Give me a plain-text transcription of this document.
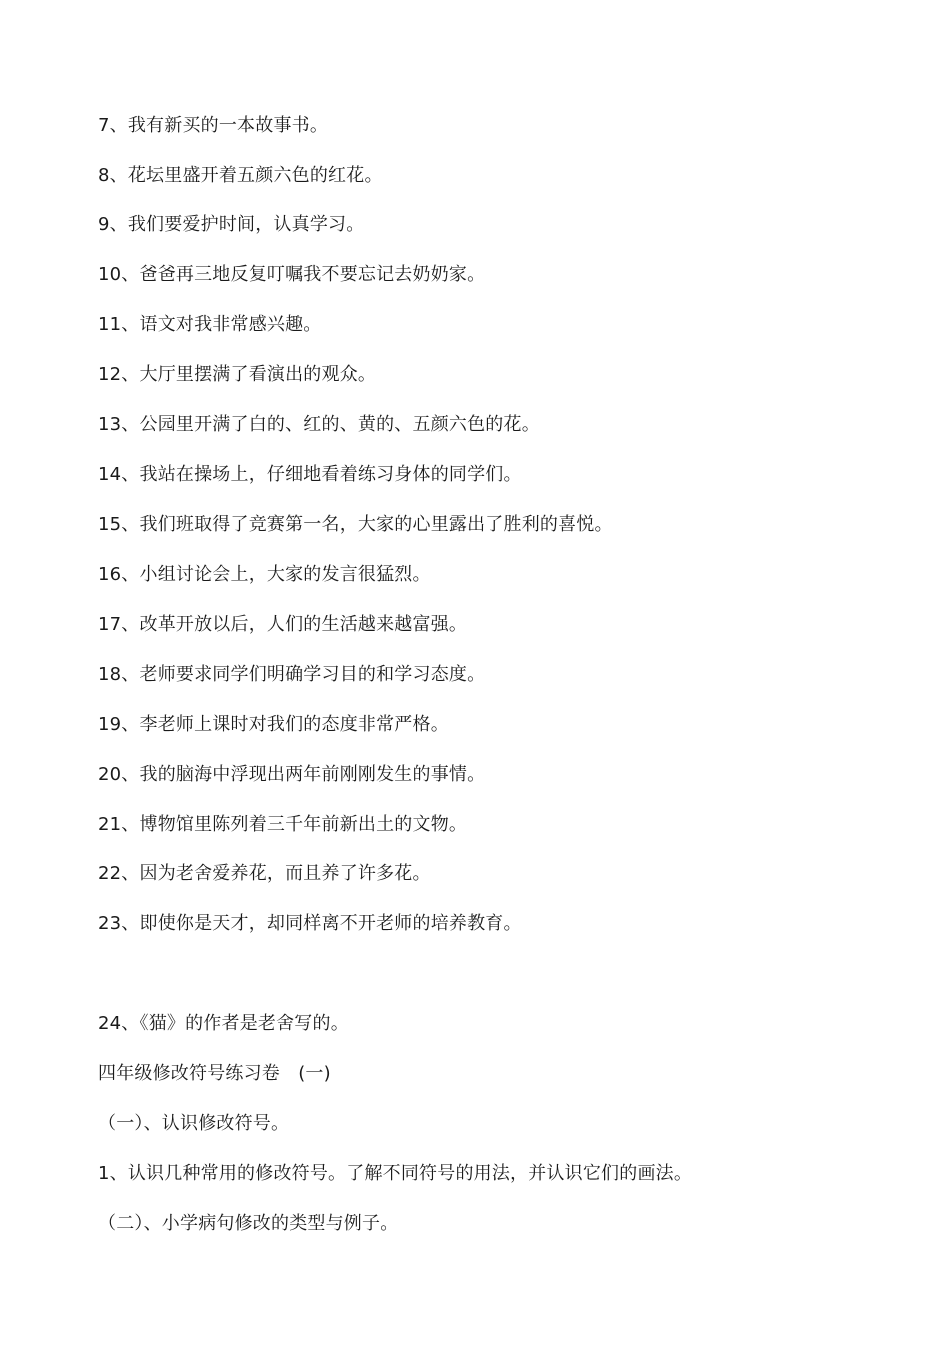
7、我有新买的一本故事书。
8、花坛里盛开着五颜六色的红花。
9、我们要爱护时间，认真学习。
10、爸爸再三地反复叮嘱我不要忘记去奶奶家。
11、语文对我非常感兴趣。
12、大厅里摆满了看演出的观众。
13、公园里开满了白的、红的、黄的、五颜六色的花。
14、我站在操场上，仔细地看着练习身体的同学们。
15、我们班取得了竞赛第一名，大家的心里露出了胜利的喜悦。
16、小组讨论会上，大家的发言很猛烈。
17、改革开放以后，人们的生活越来越富强。
18、老师要求同学们明确学习目的和学习态度。
19、李老师上课时对我们的态度非常严格。
20、我的脑海中浮现出两年前刚刚发生的事情。
21、博物馆里陈列着三千年前新出土的文物。
22、因为老舍爱养花，而且养了许多花。
23、即使你是天才，却同样离不开老师的培养教育。
24、《猫》的作者是老舍写的。
四年级修改符号练习卷　(一)
（一）、认识修改符号。
1、认识几种常用的修改符号。了解不同符号的用法，并认识它们的画法。
（二）、小学病句修改的类型与例子。
